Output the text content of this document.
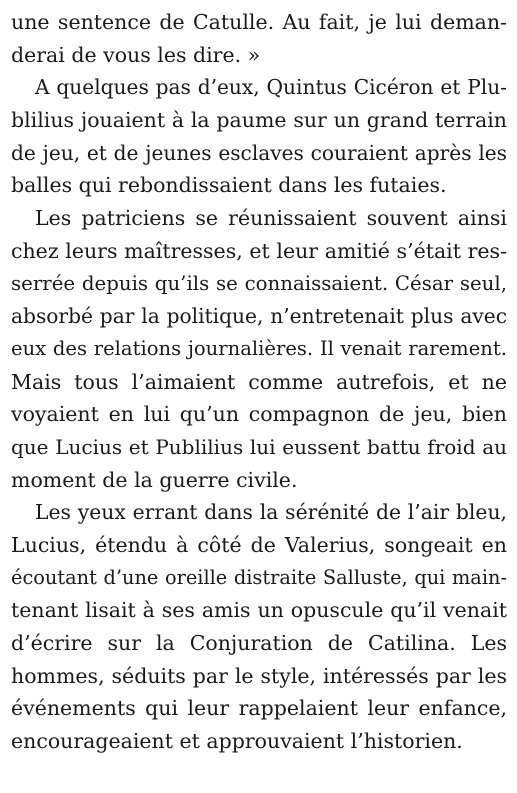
une sentence de Catulle. Au fait, je lui deman-
derai de vous les dire. »
A quelques pas d’eux, Quintus Cicéron et Plu-
blilius jouaient à la paume sur un grand terrain
de jeu, et de jeunes esclaves couraient après les
balles qui rebondissaient dans les futaies.
Les patriciens se réunissaient souvent ainsi
chez leurs maîtresses, et leur amitié s’était res-
serrée depuis qu’ils se connaissaient. César seul,
absorbé par la politique, n’entretenait plus avec
eux des relations journalières. Il venait rarement.
Mais tous l’aimaient comme autrefois, et ne
voyaient en lui qu’un compagnon de jeu, bien
que Lucius et Publilius lui eussent battu froid au
moment de la guerre civile.
Les yeux errant dans la sérénité de l’air bleu,
Lucius, étendu à côté de Valerius, songeait en
écoutant d’une oreille distraite Salluste, qui main-
tenant lisait à ses amis un opuscule qu’il venait
d’écrire sur la Conjuration de Catilina. Les
hommes, séduits par le style, intéressés par les
événements qui leur rappelaient leur enfance,
encourageaient et approuvaient l’historien.
